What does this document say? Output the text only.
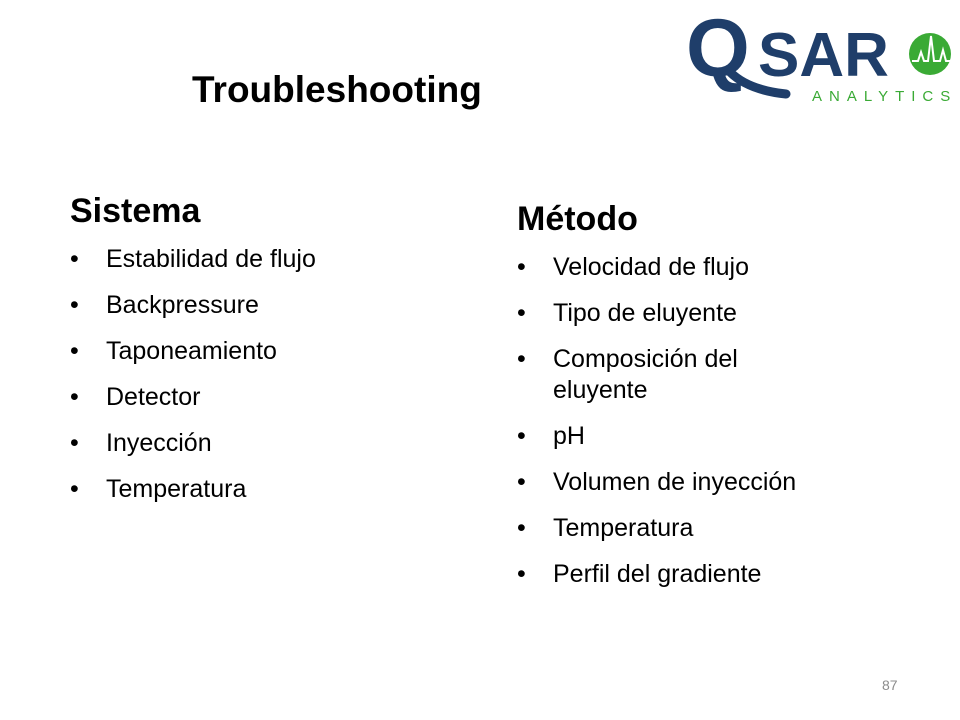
Troubleshooting Q SAR
ANALYTICS
Sistema
• Estabilidad de flujo
• Backpressure
• Taponeamiento
• Detector
• Inyección
• Temperatura
Método
• Velocidad de flujo
• Tipo de eluyente
• Composición del eluyente
• pH
• Volumen de inyección
• Temperatura
• Perfil del gradiente
87
